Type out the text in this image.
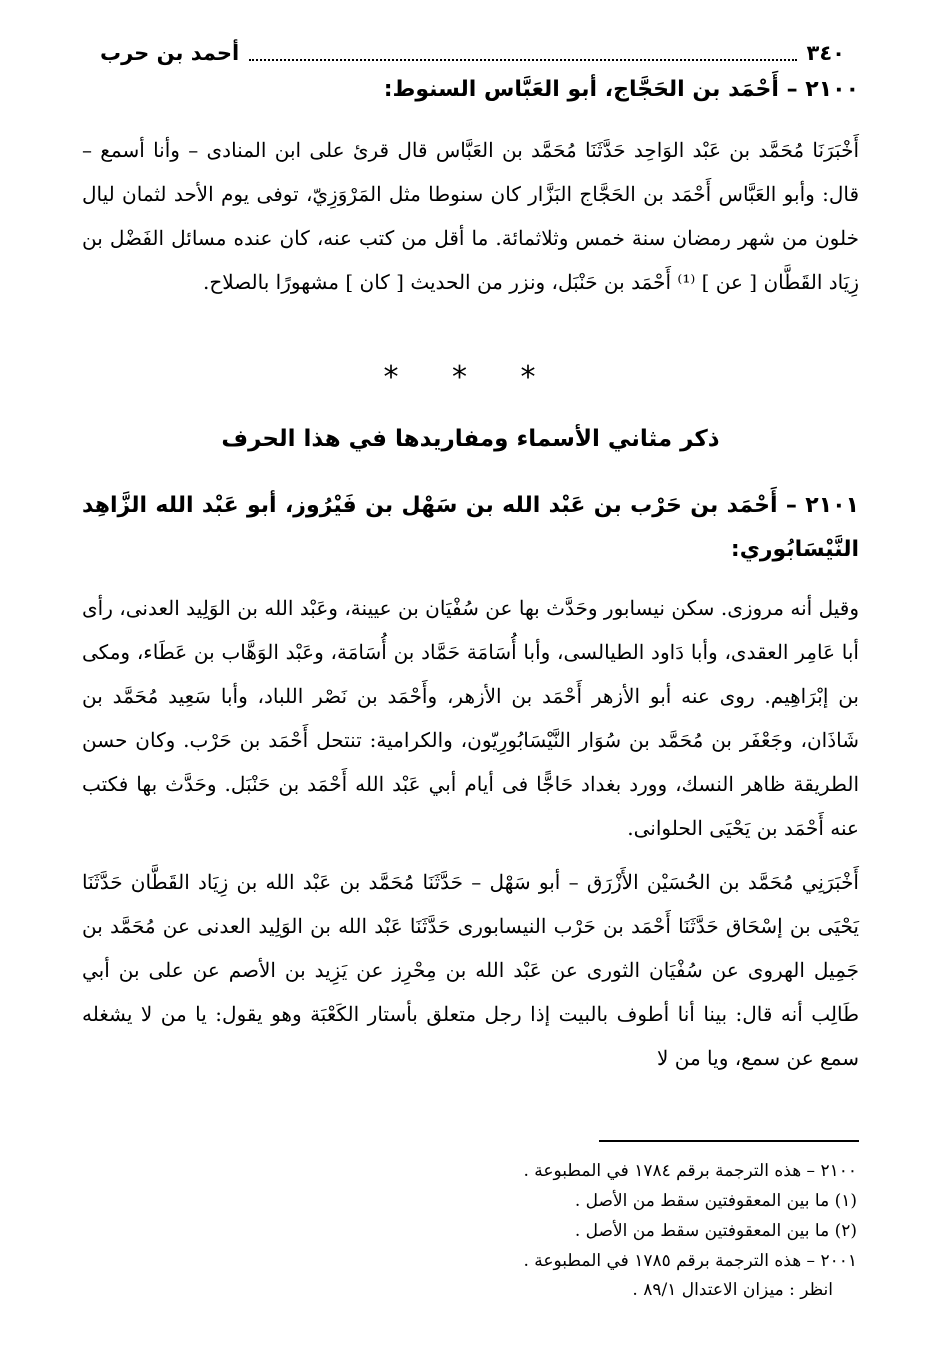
٣٤٠
أحمد بن حرب
٢١٠٠ – أَحْمَد بن الحَجَّاج، أبو العَبَّاس السنوط:
أَخْبَرَنَا مُحَمَّد بن عَبْد الوَاحِد حَدَّثَنَا مُحَمَّد بن العَبَّاس قال قرئ على ابن المنادى – وأنا أسمع – قال: وأبو العَبَّاس أَحْمَد بن الحَجَّاج البَزَّار كان سنوطا مثل المَرْوَزِيّ، توفى يوم الأحد لثمان ليال خلون من شهر رمضان سنة خمس وثلاثمائة. ما أقل من كتب عنه، كان عنده مسائل الفَضْل بن زِيَاد القَطَّان [ عن ] ⁽¹⁾ أَحْمَد بن حَنْبَل، ونزر من الحديث [ كان ] مشهورًا بالصلاح.
* * *
ذكر مثاني الأسماء ومفاريدها في هذا الحرف
٢١٠١ – أَحْمَد بن حَرْب بن عَبْد الله بن سَهْل بن فَيْرُوز، أبو عَبْد الله الزَّاهِد النَّيْسَابُوري:
وقيل أنه مروزى. سكن نيسابور وحَدَّث بها عن سُفْيَان بن عيينة، وعَبْد الله بن الوَلِيد العدنى، رأى أبا عَامِر العقدى، وأبا دَاود الطيالسى، وأبا أُسَامَة حَمَّاد بن أُسَامَة، وعَبْد الوَهَّاب بن عَطَاء، ومكى بن إبْرَاهِيم. روى عنه أبو الأزهر أَحْمَد بن الأزهر، وأَحْمَد بن نَصْر اللباد، وأبا سَعِيد مُحَمَّد بن شَاذَان، وجَعْفَر بن مُحَمَّد بن سُوَار النَّيْسَابُورِيّون، والكرامية: تنتحل أَحْمَد بن حَرْب. وكان حسن الطريقة ظاهر النسك، وورد بغداد حَاجًّا فى أيام أبي عَبْد الله أَحْمَد بن حَنْبَل. وحَدَّث بها فكتب عنه أَحْمَد بن يَحْيَى الحلوانى.
أَخْبَرَنِي مُحَمَّد بن الحُسَيْن الأَزْرَق – أبو سَهْل – حَدَّثَنَا مُحَمَّد بن عَبْد الله بن زِيَاد القَطَّان حَدَّثَنَا يَحْيَى بن إسْحَاق حَدَّثَنَا أَحْمَد بن حَرْب النيسابورى حَدَّثَنَا عَبْد الله بن الوَلِيد العدنى عن مُحَمَّد بن جَمِيل الهروى عن سُفْيَان الثورى عن عَبْد الله بن مِحْرِز عن يَزِيد بن الأصم عن على بن أبي طَالِب أنه قال: بينا أنا أطوف بالبيت إذا رجل متعلق بأستار الكَعْبَة وهو يقول: يا من لا يشغله سمع عن سمع، ويا من لا
٢١٠٠ – هذه الترجمة برقم ١٧٨٤ في المطبوعة .
(١) ما بين المعقوفتين سقط من الأصل .
(٢) ما بين المعقوفتين سقط من الأصل .
٢٠٠١ – هذه الترجمة برقم ١٧٨٥ في المطبوعة .
انظر : ميزان الاعتدال ٨٩/١ .
